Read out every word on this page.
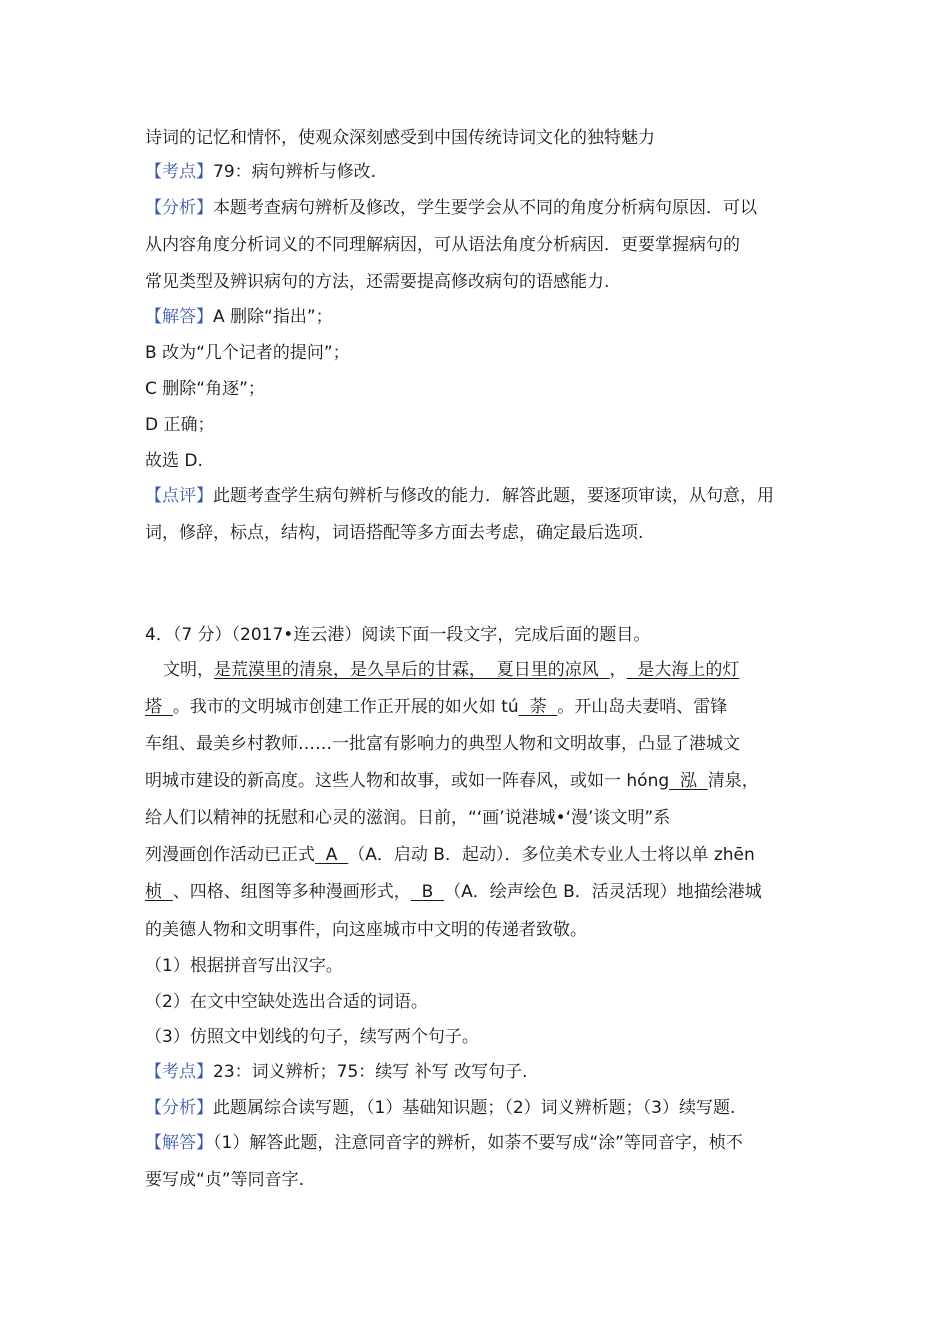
诗词的记忆和情怀，使观众深刻感受到中国传统诗词文化的独特魅力
【考点】79：病句辨析与修改.
【分析】本题考查病句辨析及修改，学生要学会从不同的角度分析病句原因．可以
从内容角度分析词义的不同理解病因，可从语法角度分析病因．更要掌握病句的
常见类型及辨识病句的方法，还需要提高修改病句的语感能力.
【解答】A 删除“指出”；
B 改为“几个记者的提问”；
C 删除“角逐”；
D 正确；
故选 D.
【点评】此题考查学生病句辨析与修改的能力．解答此题，要逐项审读，从句意，用
词，修辞，标点，结构，词语搭配等多方面去考虑，确定最后选项.
4．（7 分）（2017•连云港）阅读下面一段文字，完成后面的题目。
文明，是荒漠里的清泉，是久旱后的甘霖，  夏日里的凉风  ，  是大海上的灯
塔  。我市的文明城市创建工作正开展的如火如 tú  荼  。开山岛夫妻哨、雷锋
车组、最美乡村教师……一批富有影响力的典型人物和文明故事，凸显了港城文
明城市建设的新高度。这些人物和故事，或如一阵春风，或如一 hóng  泓  清泉，
给人们以精神的抚慰和心灵的滋润。日前，“‘画’说港城•‘漫’谈文明”系
列漫画创作活动已正式  A  （A．启动 B．起动）．多位美术专业人士将以单 zhēn
桢  、四格、组图等多种漫画形式，  B  （A．绘声绘色 B．活灵活现）地描绘港城
的美德人物和文明事件，向这座城市中文明的传递者致敬。
（1）根据拼音写出汉字。
（2）在文中空缺处选出合适的词语。
（3）仿照文中划线的句子，续写两个句子。
【考点】23：词义辨析；75：续写 补写 改写句子.
【分析】此题属综合读写题，（1）基础知识题；（2）词义辨析题；（3）续写题.
【解答】（1）解答此题，注意同音字的辨析，如荼不要写成“涂”等同音字，桢不
要写成“贞”等同音字.
